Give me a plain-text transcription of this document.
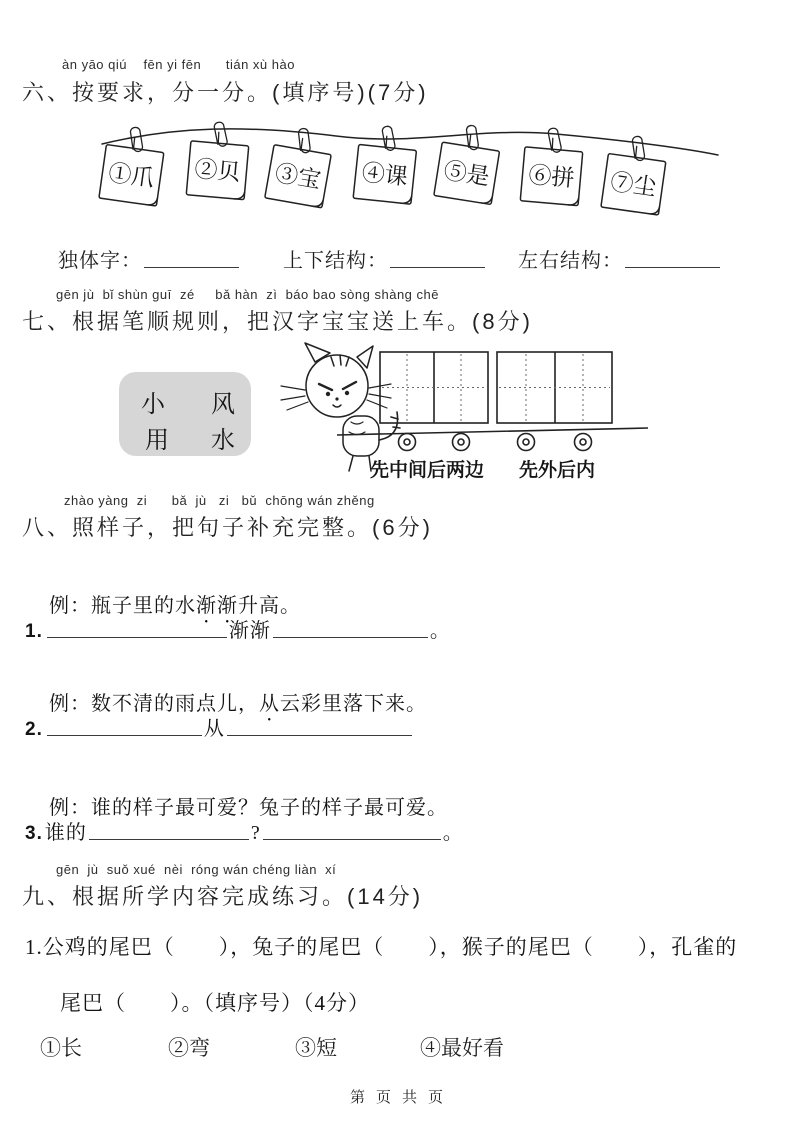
àn yāo qiú    fēn yi fēn      tián xù hào
六、按要求，分一分。(填序号)(7分)
①爪 ②贝 ③宝 ④课 ⑤是 ⑥拼 ⑦尘
独体字：	上下结构：	左右结构：
gēn jù  bǐ shùn guī  zé     bǎ hàn  zì  báo bao sòng shàng chē
七、根据笔顺规则，把汉字宝宝送上车。(8分)
小 风
用 水
先中间后两边 先外后内
zhào yàng  zi      bǎ  jù   zi   bǔ  chōng wán zhěng
八、照样子，把句子补充完整。(6分)

例：瓶子里的水渐渐升高。

1.	渐渐	。

例：数不清的雨点儿，从云彩里落下来。

2.	从

例：谁的样子最可爱？兔子的样子最可爱。

3. 谁的	?	。
gēn  jù  suǒ xué  nèi  róng wán chéng liàn  xí
九、根据所学内容完成练习。(14分)
1.公鸡的尾巴（　　），兔子的尾巴（　　），猴子的尾巴（　　），孔雀的
尾巴（　　）。（填序号）（4分）
①长	②弯	③短	④最好看
第页共页
